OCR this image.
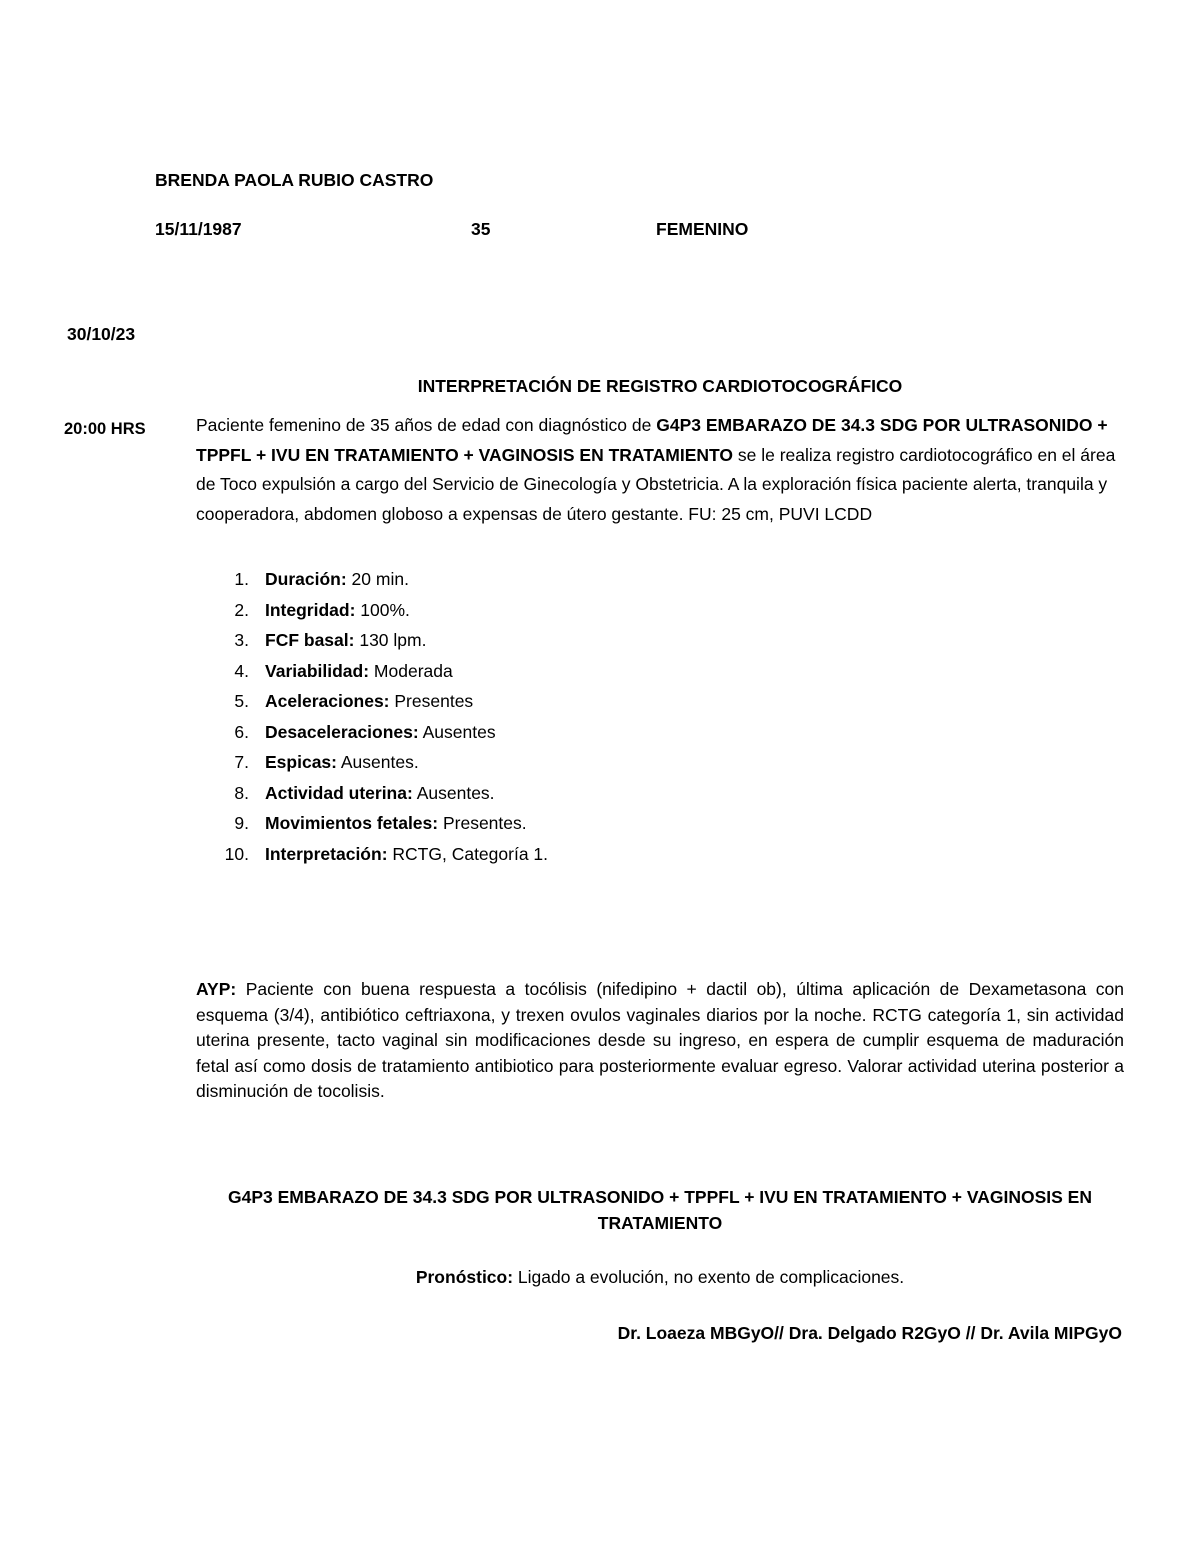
BRENDA PAOLA RUBIO CASTRO
15/11/1987	35	FEMENINO
30/10/23
INTERPRETACIÓN DE REGISTRO CARDIOTOCOGRÁFICO
20:00 HRS	Paciente femenino de 35 años de edad con diagnóstico de G4P3 EMBARAZO DE 34.3 SDG POR ULTRASONIDO + TPPFL + IVU EN TRATAMIENTO + VAGINOSIS EN TRATAMIENTO se le realiza registro cardiotocográfico en el área de Toco expulsión a cargo del Servicio de Ginecología y Obstetricia. A la exploración física paciente alerta, tranquila y cooperadora, abdomen globoso a expensas de útero gestante. FU: 25 cm, PUVI LCDD
1. Duración: 20 min.
2. Integridad: 100%.
3. FCF basal: 130 lpm.
4. Variabilidad: Moderada
5. Aceleraciones: Presentes
6. Desaceleraciones: Ausentes
7. Espicas: Ausentes.
8. Actividad uterina: Ausentes.
9. Movimientos fetales: Presentes.
10. Interpretación: RCTG, Categoría 1.
AYP: Paciente con buena respuesta a tocólisis (nifedipino + dactil ob), última aplicación de Dexametasona con esquema (3/4), antibiótico ceftriaxona, y trexen ovulos vaginales diarios por la noche. RCTG categoría 1, sin actividad uterina presente, tacto vaginal sin modificaciones desde su ingreso, en espera de cumplir esquema de maduración fetal así como dosis de tratamiento antibiotico para posteriormente evaluar egreso. Valorar actividad uterina posterior a disminución de tocolisis.
G4P3 EMBARAZO DE 34.3 SDG POR ULTRASONIDO + TPPFL + IVU EN TRATAMIENTO + VAGINOSIS EN TRATAMIENTO
Pronóstico: Ligado a evolución, no exento de complicaciones.
Dr. Loaeza MBGyO// Dra. Delgado R2GyO // Dr. Avila MIPGyO
